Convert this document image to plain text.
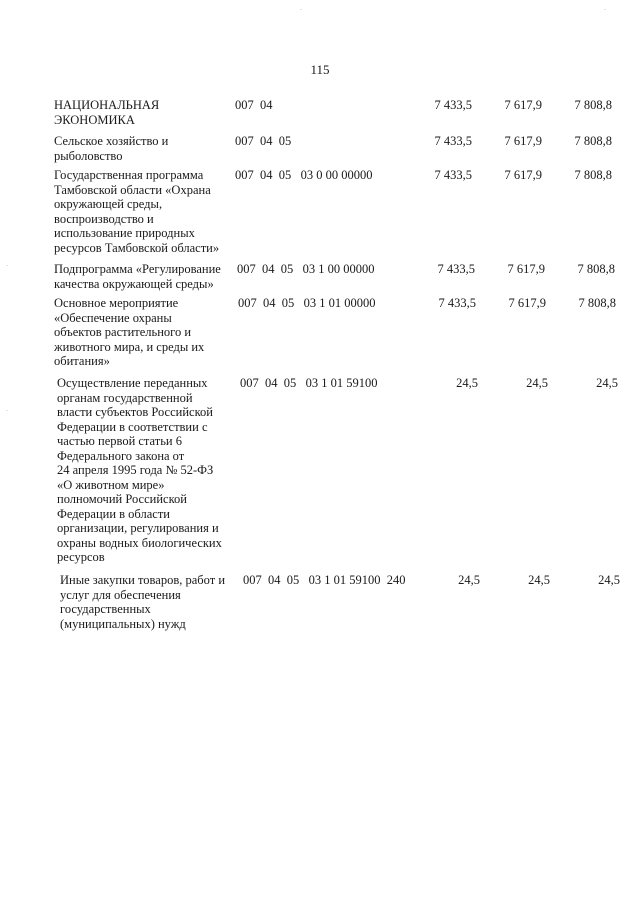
115
НАЦИОНАЛЬНАЯ
ЭКОНОМИКА
007  04	7 433,5	7 617,9	7 808,8
Сельское хозяйство и
рыболовство
007  04  05	7 433,5	7 617,9	7 808,8
Государственная программа
Тамбовской области «Охрана
окружающей среды,
воспроизводство и
использование природных
ресурсов Тамбовской области»
007  04  05   03 0 00 00000	7 433,5	7 617,9	7 808,8
Подпрограмма «Регулирование
качества окружающей среды»
007  04  05   03 1 00 00000	7 433,5	7 617,9	7 808,8
Основное мероприятие
«Обеспечение охраны
объектов растительного и
животного мира, и среды их
обитания»
007  04  05   03 1 01 00000	7 433,5	7 617,9	7 808,8
Осуществление переданных
органам государственной
власти субъектов Российской
Федерации в соответствии с
частью первой статьи 6
Федерального закона от
24 апреля 1995 года № 52-ФЗ
«О животном мире»
полномочий Российской
Федерации в области
организации, регулирования и
охраны водных биологических
ресурсов
007  04  05   03 1 01 59100	24,5	24,5	24,5
Иные закупки товаров, работ и
услуг для обеспечения
государственных
(муниципальных) нужд
007  04  05   03 1 01 59100  240	24,5	24,5	24,5
.
.
.	.
